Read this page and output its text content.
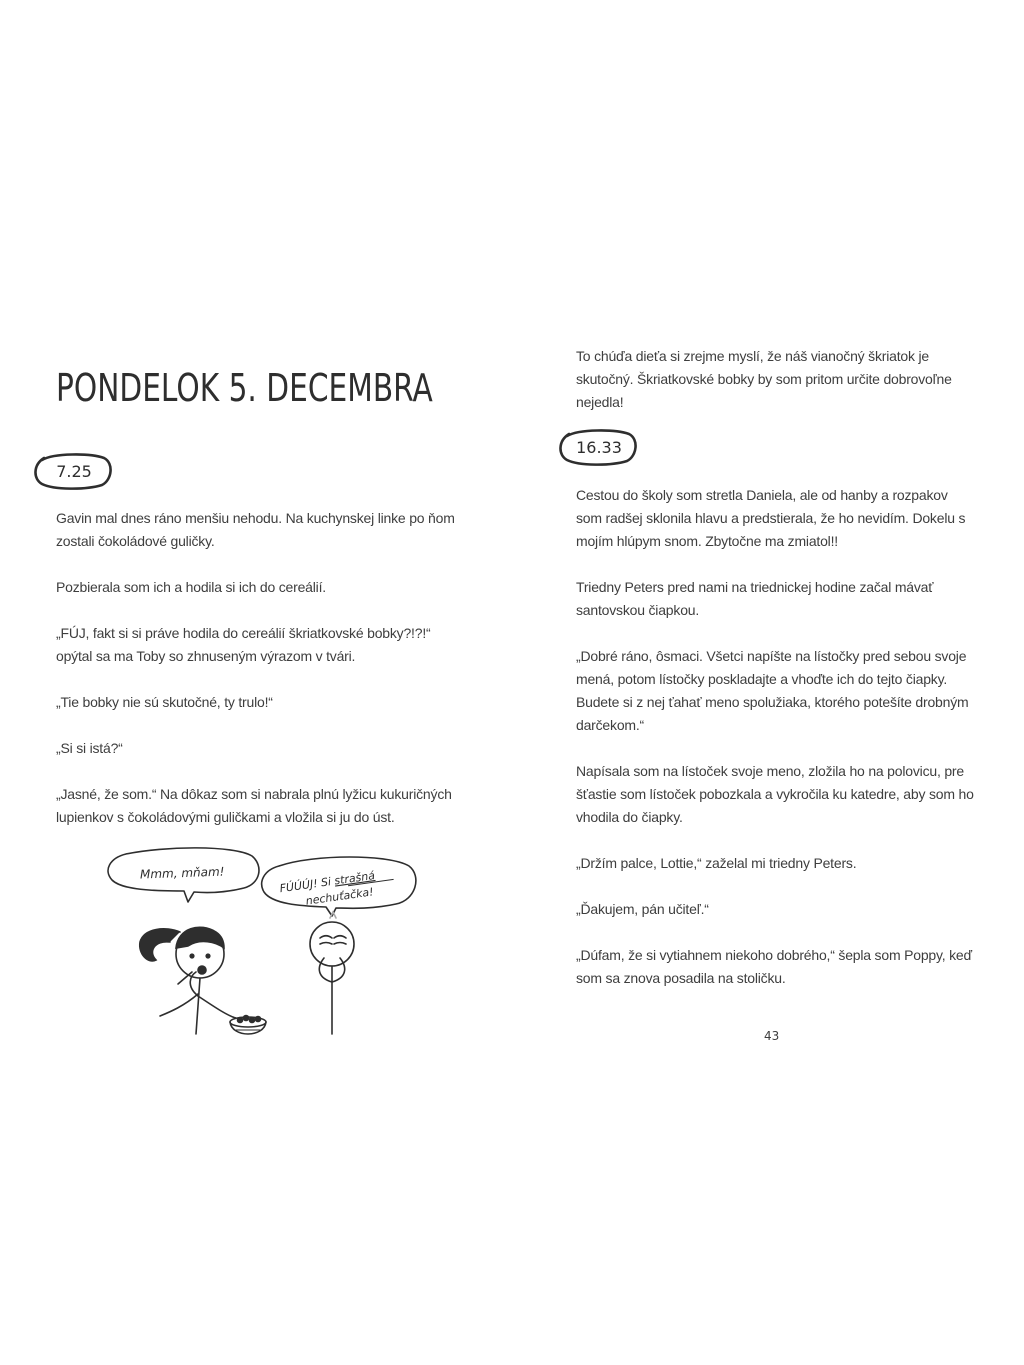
PONDELOK 5. DECEMBRA
7.25

Gavin mal dnes ráno menšiu nehodu. Na kuchynskej linke po ňom zostali čokoládové guličky.

Pozbierala som ich a hodila si ich do cereálií.

„FÚJ, fakt si si práve hodila do cereálií škriatkovské bobky?!?!“ opýtal sa ma Toby so zhnuseným výrazom v tvári.

„Tie bobky nie sú skutočné, ty trulo!“

„Si si istá?“

„Jasné, že som.“ Na dôkaz som si nabrala plnú lyžicu kukuričných lupienkov s čokoládovými guličkami a vložila si ju do úst.

Mmm, mňam!
FÚÚÚJ! Si strašná
nechuťačka!

To chúďa dieťa si zrejme myslí, že náš vianočný škriatok je skutočný. Škriatkovské bobky by som pritom určite dobrovoľne nejedla!

16.33

Cestou do školy som stretla Daniela, ale od hanby a rozpakov som radšej sklonila hlavu a predstierala, že ho nevidím. Dokelu s mojím hlúpym snom. Zbytočne ma zmiatol!!

Triedny Peters pred nami na triednickej hodine začal mávať santovskou čiapkou.

„Dobré ráno, ôsmaci. Všetci napíšte na lístočky pred sebou svoje mená, potom lístočky poskladajte a vhoďte ich do tejto čiapky. Budete si z nej ťahať meno spolužiaka, ktorého potešíte drobným darčekom.“

Napísala som na lístoček svoje meno, zložila ho na polovicu, pre šťastie som lístoček pobozkala a vykročila ku katedre, aby som ho vhodila do čiapky.

„Držím palce, Lottie,“ zaželal mi triedny Peters.

„Ďakujem, pán učiteľ.“

„Dúfam, že si vytiahnem niekoho dobrého,“ šepla som Poppy, keď som sa znova posadila na stoličku.

43
